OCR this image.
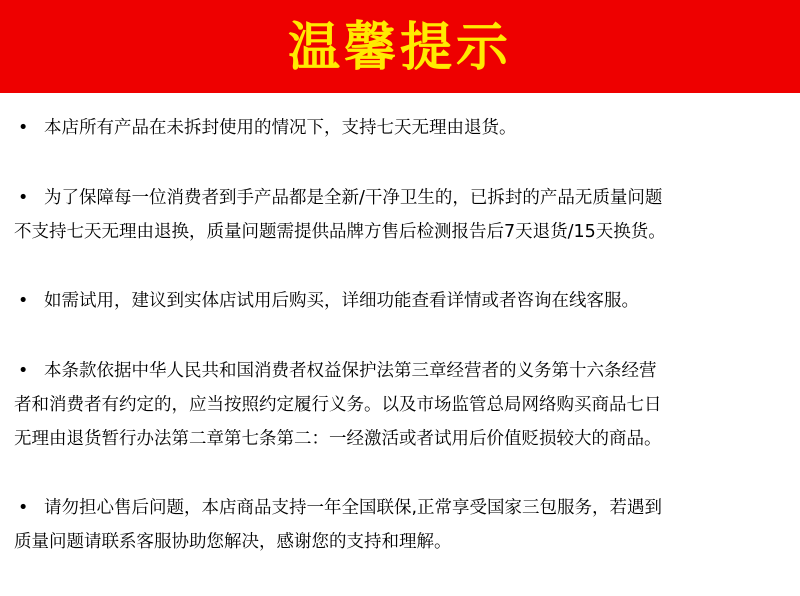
温馨提示
• 本店所有产品在未拆封使用的情况下，支持七天无理由退货。
• 为了保障每一位消费者到手产品都是全新/干净卫生的，已拆封的产品无质量问题
不支持七天无理由退换，质量问题需提供品牌方售后检测报告后7天退货/15天换货。
• 如需试用，建议到实体店试用后购买，详细功能查看详情或者咨询在线客服。
• 本条款依据中华人民共和国消费者权益保护法第三章经营者的义务第十六条经营
者和消费者有约定的，应当按照约定履行义务。以及市场监管总局网络购买商品七日
无理由退货暂行办法第二章第七条第二：一经激活或者试用后价值贬损较大的商品。
• 请勿担心售后问题，本店商品支持一年全国联保,正常享受国家三包服务，若遇到
质量问题请联系客服协助您解决，感谢您的支持和理解。
